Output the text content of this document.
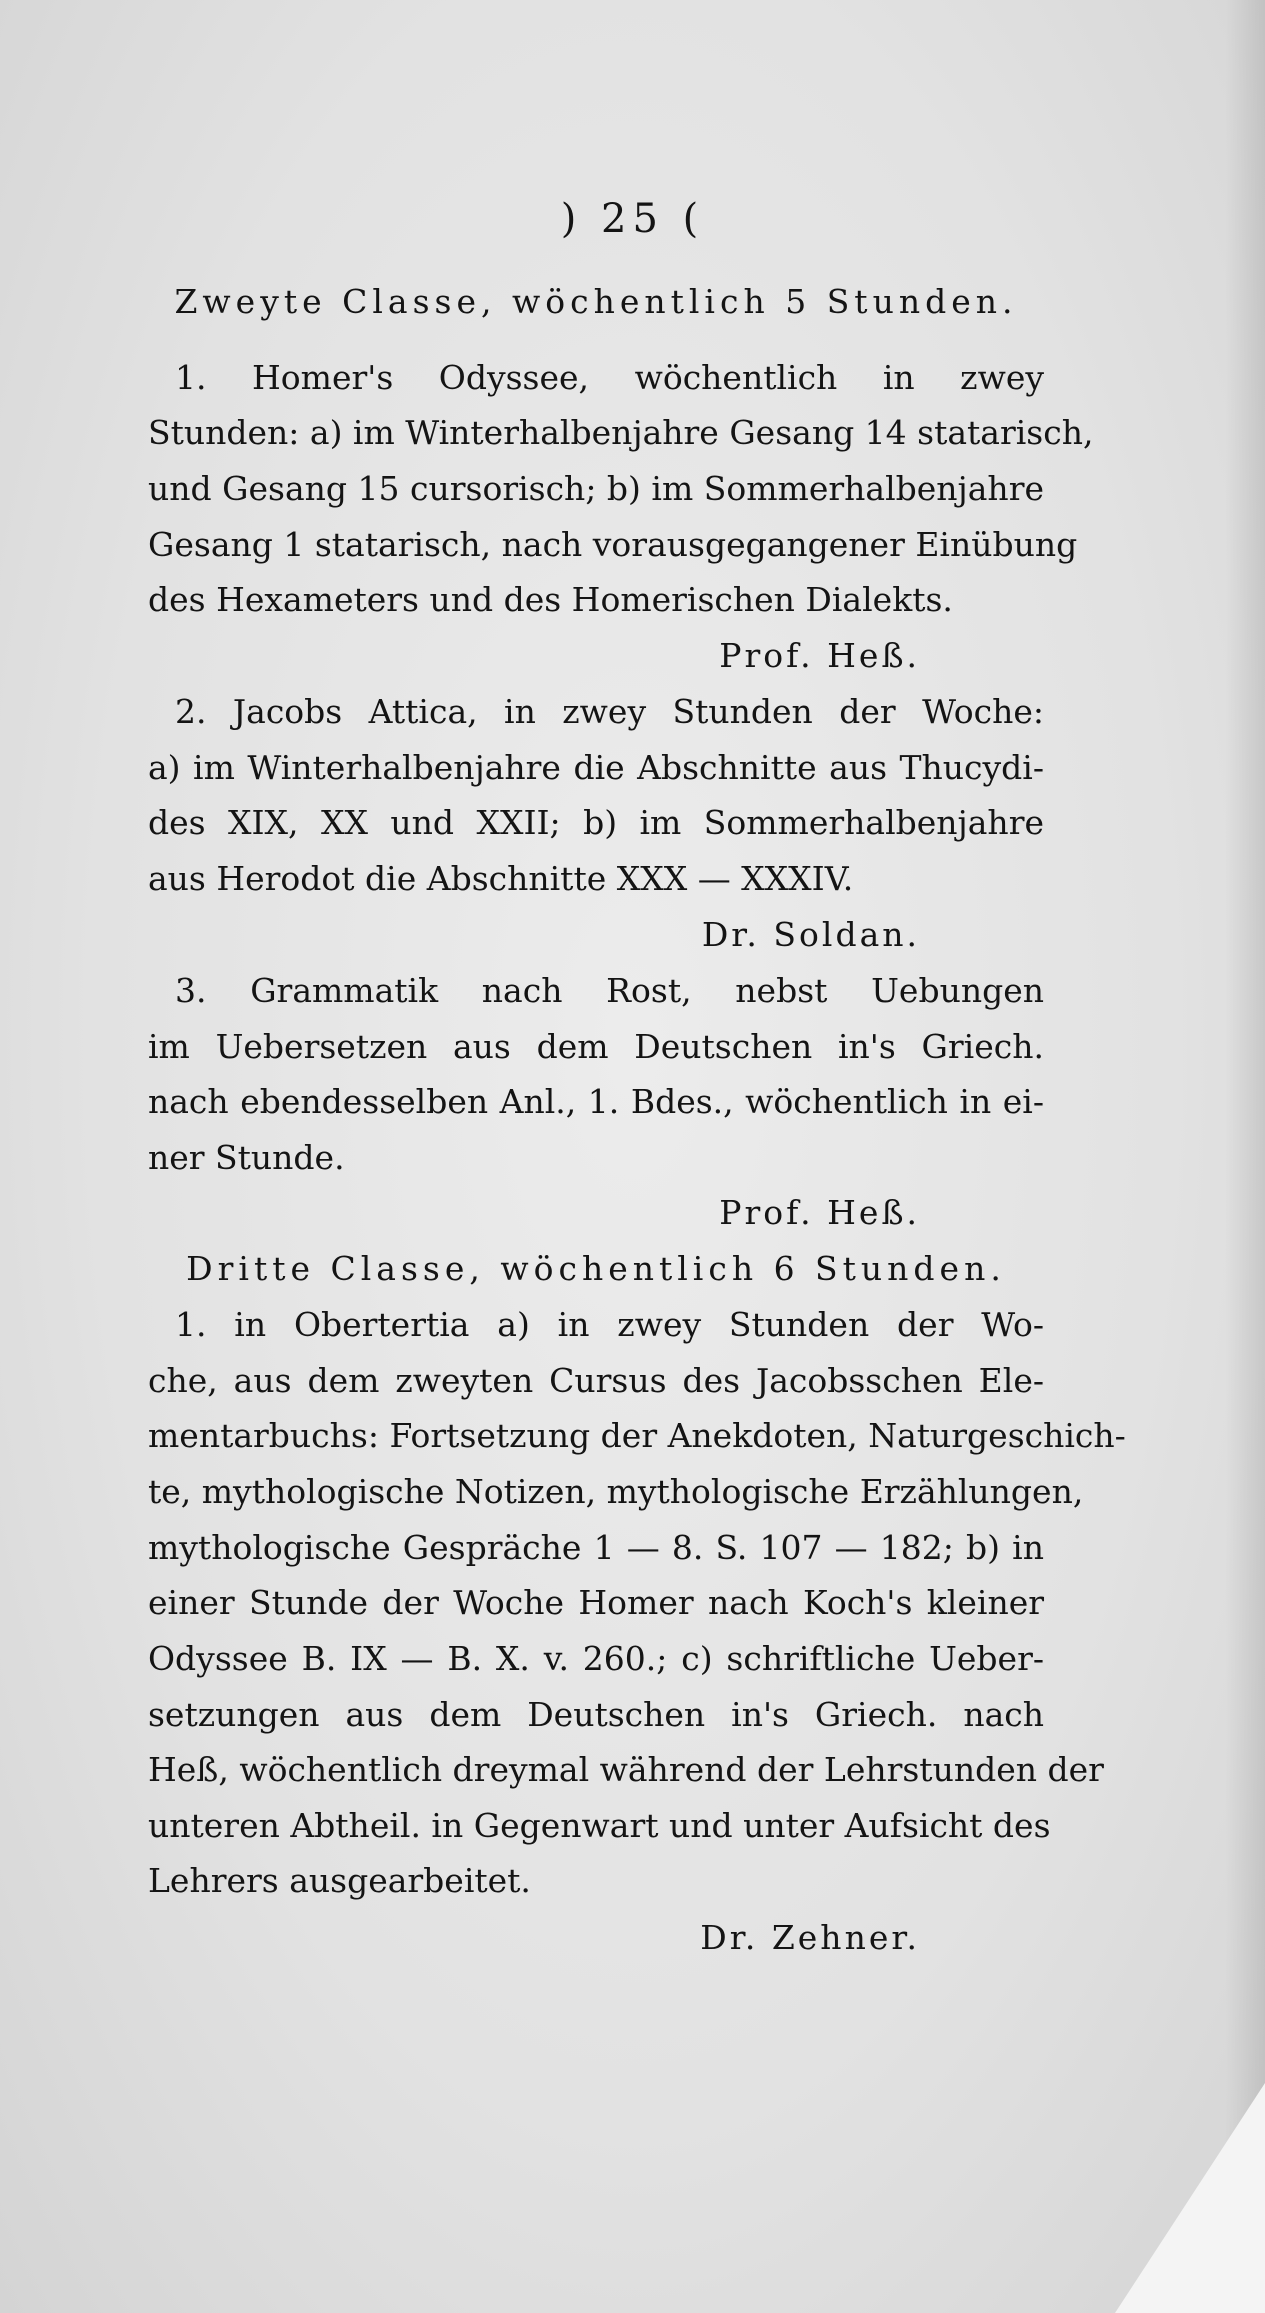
) 25 (
Zweyte Classe, wöchentlich 5 Stunden.
1. Homer's Odyssee, wöchentlich in zwey
Stunden: a) im Winterhalbenjahre Gesang 14 statarisch,
und Gesang 15 cursorisch; b) im Sommerhalbenjahre
Gesang 1 statarisch, nach vorausgegangener Einübung
des Hexameters und des Homerischen Dialekts.
Prof. Heß.
2. Jacobs Attica, in zwey Stunden der Woche:
a) im Winterhalbenjahre die Abschnitte aus Thucydi-
des XIX, XX und XXII; b) im Sommerhalbenjahre
aus Herodot die Abschnitte XXX — XXXIV.
Dr. Soldan.
3. Grammatik nach Rost, nebst Uebungen
im Uebersetzen aus dem Deutschen in's Griech.
nach ebendesselben Anl., 1. Bdes., wöchentlich in ei-
ner Stunde.
Prof. Heß.
Dritte Classe, wöchentlich 6 Stunden.
1. in Obertertia a) in zwey Stunden der Wo-
che, aus dem zweyten Cursus des Jacobsschen Ele-
mentarbuchs: Fortsetzung der Anekdoten, Naturgeschich-
te, mythologische Notizen, mythologische Erzählungen,
mythologische Gespräche 1 — 8. S. 107 — 182; b) in
einer Stunde der Woche Homer nach Koch's kleiner
Odyssee B. IX — B. X. v. 260.; c) schriftliche Ueber-
setzungen aus dem Deutschen in's Griech. nach
Heß, wöchentlich dreymal während der Lehrstunden der
unteren Abtheil. in Gegenwart und unter Aufsicht des
Lehrers ausgearbeitet.
Dr. Zehner.
